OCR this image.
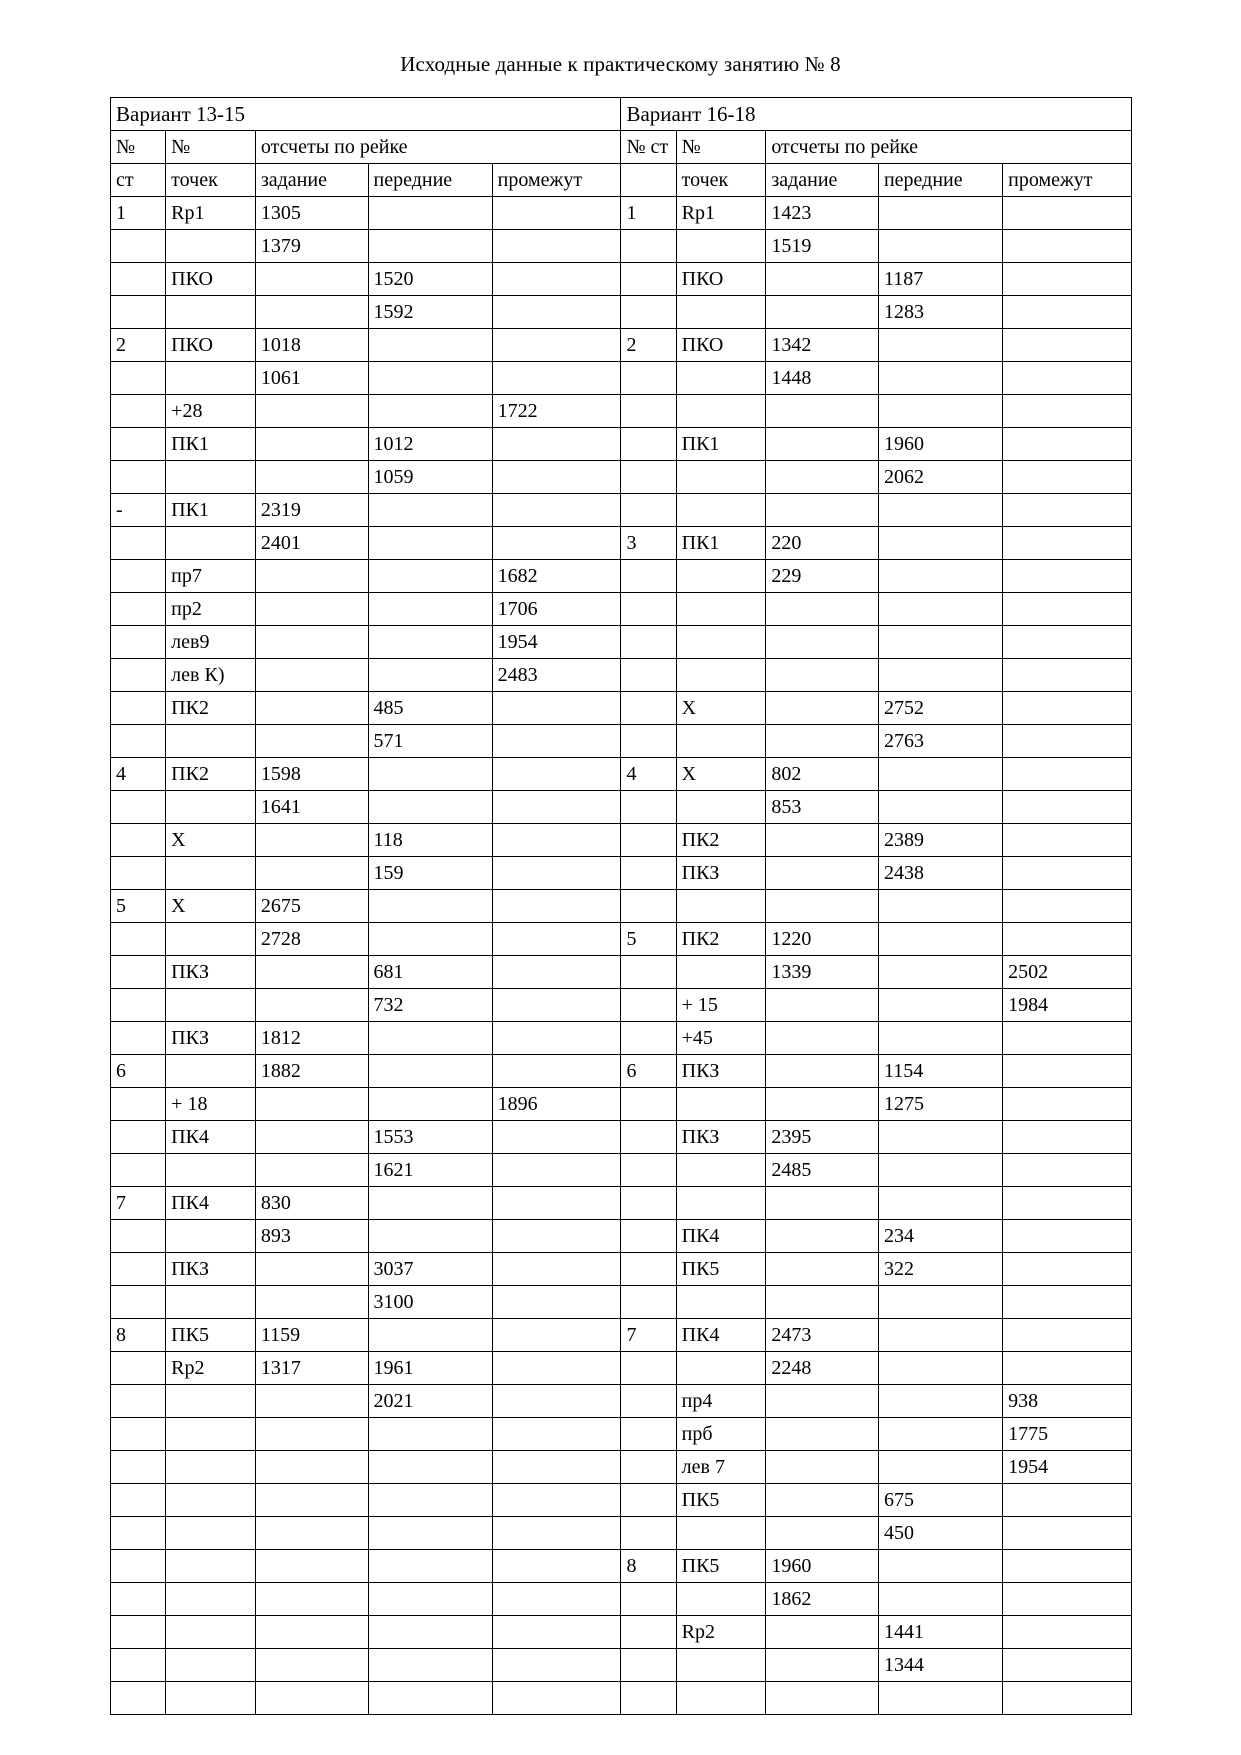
Исходные данные к практическому занятию № 8
Вариант 13-15					Вариант 16-18				
№	№	отсчеты по рейке			№ ст	№	отсчеты по рейке		
ст	точек	задание	передние	промежут		точек	задание	передние	промежут
1	Rp1	1305			1	Rp1	1423		
		1379					1519		
	ПКО		1520			ПКО		1187	
			1592					1283	
2	ПКО	1018			2	ПКО	1342		
		1061					1448		
	+28			1722					
	ПК1		1012			ПК1		1960	
			1059					2062	
-	ПК1	2319							
		2401			3	ПК1	220		
	пр7			1682			229		
	пр2			1706					
	лев9			1954					
	лев К)			2483					
	ПК2		485			Х		2752	
			571					2763	
4	ПК2	1598			4	Х	802		
		1641					853		
	Х		118			ПК2		2389	
			159			ПКЗ		2438	
5	Х	2675							
		2728			5	ПК2	1220		
	ПКЗ		681				1339		2502
			732			+ 15			1984
	ПКЗ	1812				+45			
6		1882			6	ПКЗ		1154	
	+ 18			1896				1275	
	ПК4		1553			ПКЗ	2395		
			1621				2485		
7	ПК4	830							
		893				ПК4		234	
	ПКЗ		3037			ПК5		322	
			3100						
8	ПК5	1159			7	ПК4	2473		
	Rp2	1317	1961				2248		
			2021			пр4			938
						прб			1775
						лев 7			1954
						ПК5		675	
								450	
					8	ПК5	1960		
							1862		
						Rp2		1441	
								1344	
